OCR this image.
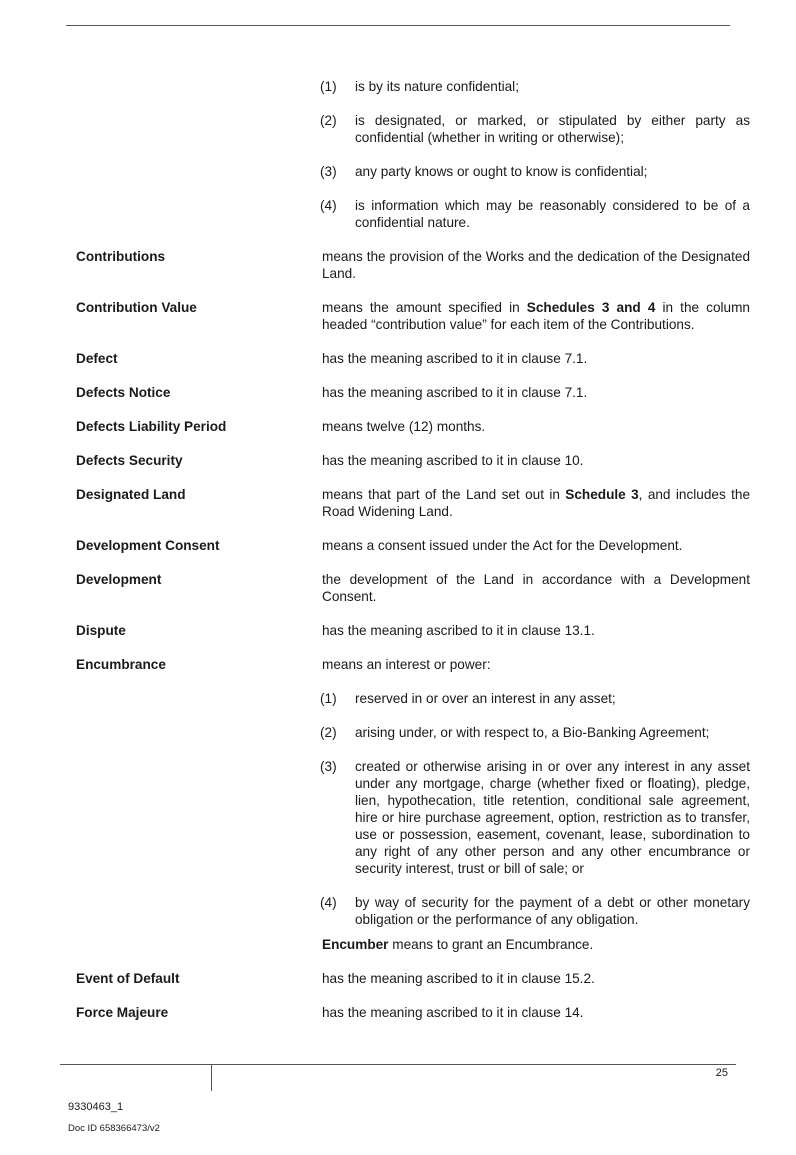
(1) is by its nature confidential;
(2) is designated, or marked, or stipulated by either party as confidential (whether in writing or otherwise);
(3) any party knows or ought to know is confidential;
(4) is information which may be reasonably considered to be of a confidential nature.
Contributions	means the provision of the Works and the dedication of the Designated Land.
Contribution Value	means the amount specified in Schedules 3 and 4 in the column headed “contribution value” for each item of the Contributions.
Defect	has the meaning ascribed to it in clause 7.1.
Defects Notice	has the meaning ascribed to it in clause 7.1.
Defects Liability Period	means twelve (12) months.
Defects Security	has the meaning ascribed to it in clause 10.
Designated Land	means that part of the Land set out in Schedule 3, and includes the Road Widening Land.
Development Consent	means a consent issued under the Act for the Development.
Development	the development of the Land in accordance with a Development Consent.
Dispute	has the meaning ascribed to it in clause 13.1.
Encumbrance	means an interest or power:
(1) reserved in or over an interest in any asset;
(2) arising under, or with respect to, a Bio-Banking Agreement;
(3) created or otherwise arising in or over any interest in any asset under any mortgage, charge (whether fixed or floating), pledge, lien, hypothecation, title retention, conditional sale agreement, hire or hire purchase agreement, option, restriction as to transfer, use or possession, easement, covenant, lease, subordination to any right of any other person and any other encumbrance or security interest, trust or bill of sale; or
(4) by way of security for the payment of a debt or other monetary obligation or the performance of any obligation.
Encumber means to grant an Encumbrance.
Event of Default	has the meaning ascribed to it in clause 15.2.
Force Majeure	has the meaning ascribed to it in clause 14.
25
9330463_1
Doc ID 658366473/v2
